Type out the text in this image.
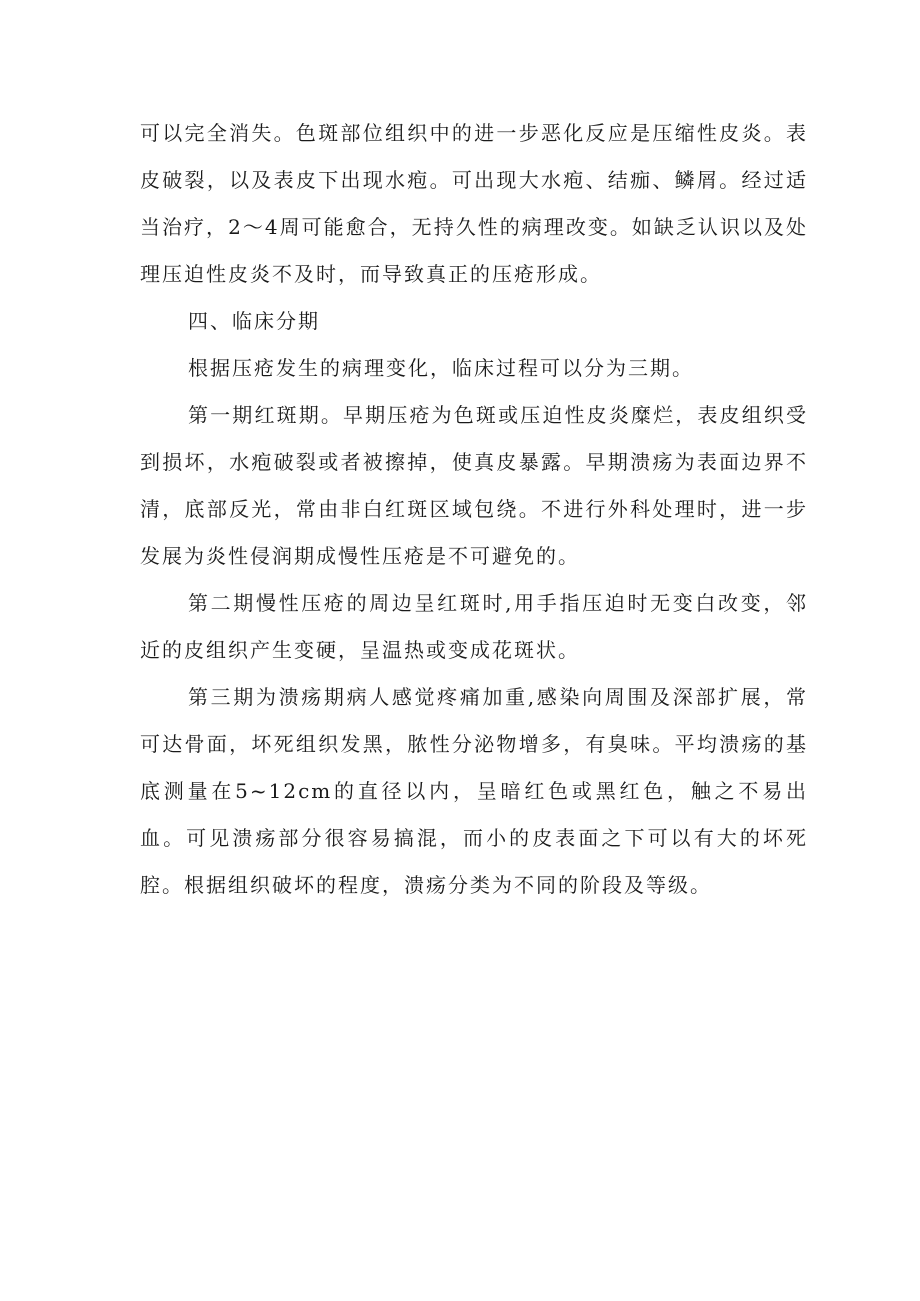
可以完全消失。色斑部位组织中的进一步恶化反应是压缩性皮炎。表皮破裂，以及表皮下出现水疱。可出现大水疱、结痂、鳞屑。经过适当治疗，2～4周可能愈合，无持久性的病理改变。如缺乏认识以及处理压迫性皮炎不及时，而导致真正的压疮形成。

四、临床分期

根据压疮发生的病理变化，临床过程可以分为三期。

第一期红斑期。早期压疮为色斑或压迫性皮炎糜烂，表皮组织受到损坏，水疱破裂或者被擦掉，使真皮暴露。早期溃疡为表面边界不清，底部反光，常由非白红斑区域包绕。不进行外科处理时，进一步发展为炎性侵润期成慢性压疮是不可避免的。

第二期慢性压疮的周边呈红斑时,用手指压迫时无变白改变，邻近的皮组织产生变硬，呈温热或变成花斑状。

第三期为溃疡期病人感觉疼痛加重,感染向周围及深部扩展，常可达骨面，坏死组织发黑，脓性分泌物增多，有臭味。平均溃疡的基底测量在5~12cm的直径以内，呈暗红色或黑红色，触之不易出血。可见溃疡部分很容易搞混，而小的皮表面之下可以有大的坏死腔。根据组织破坏的程度，溃疡分类为不同的阶段及等级。
